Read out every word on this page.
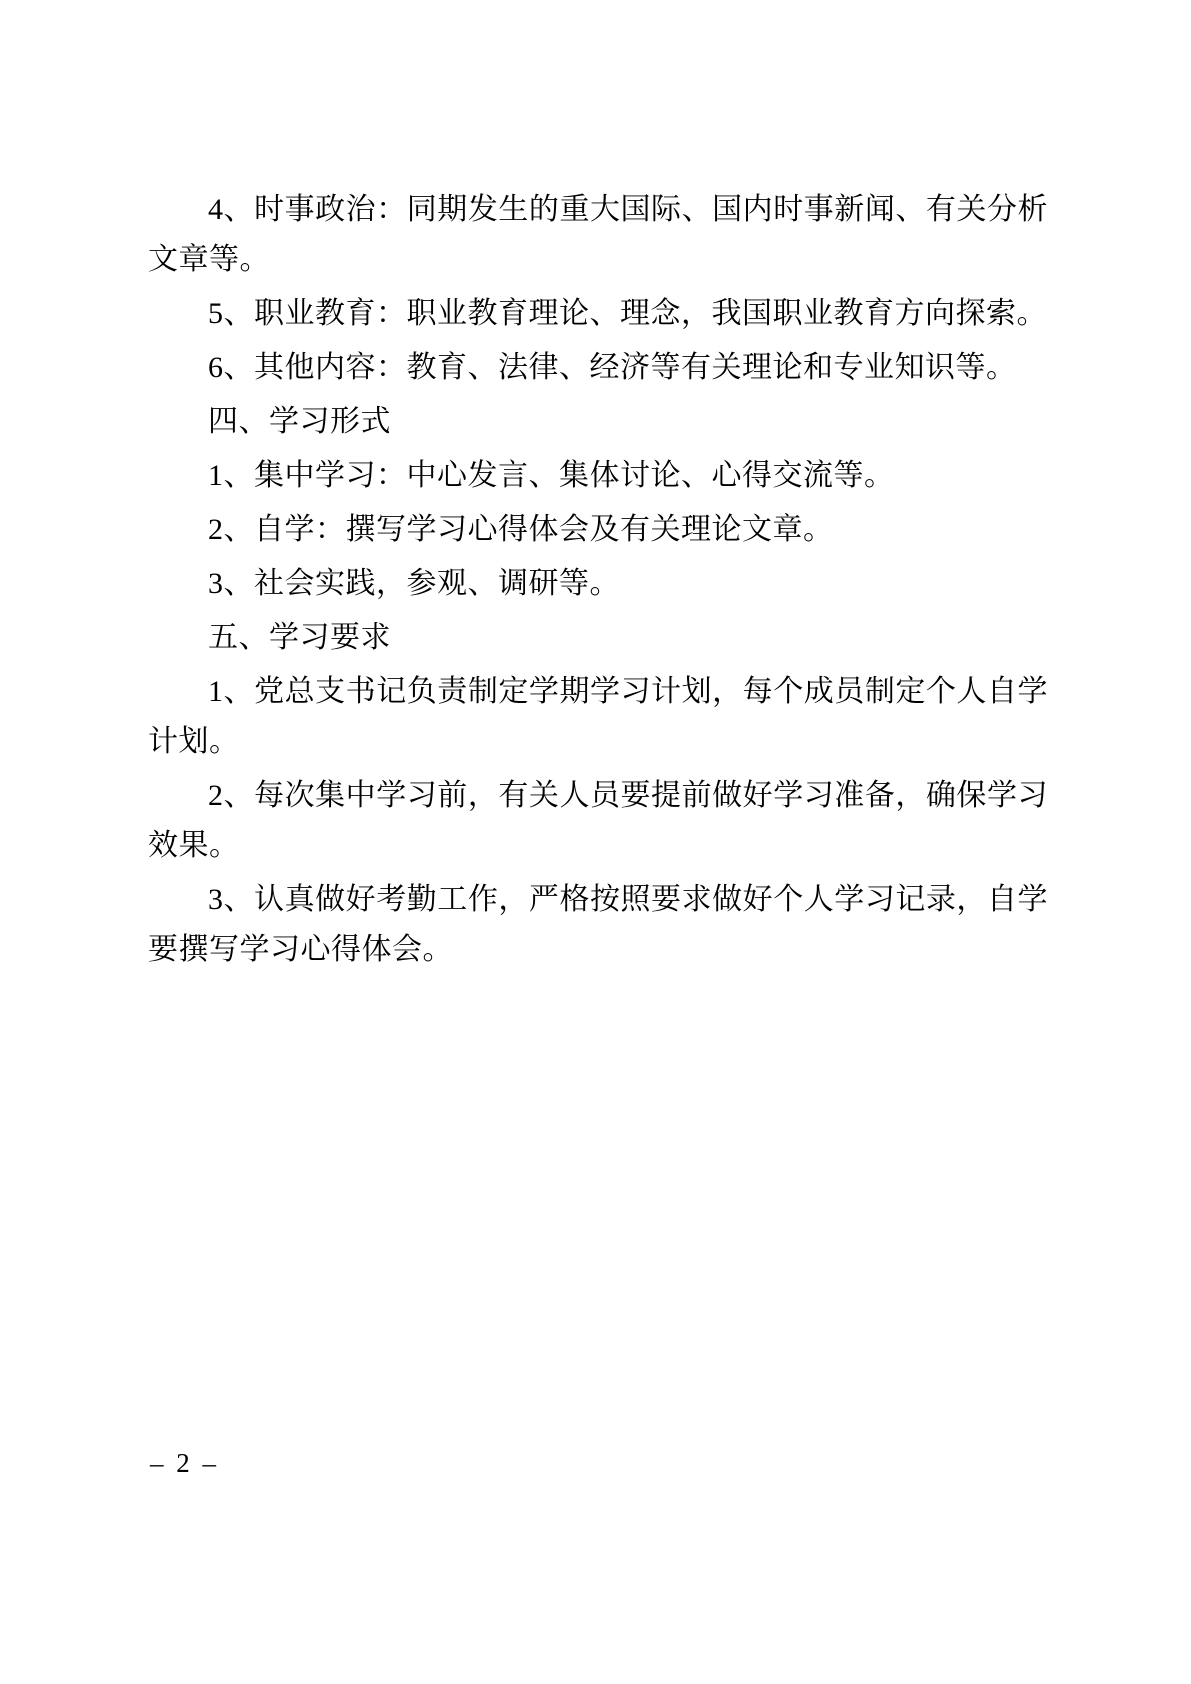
4、时事政治：同期发生的重大国际、国内时事新闻、有关分析文章等。

5、职业教育：职业教育理论、理念，我国职业教育方向探索。

6、其他内容：教育、法律、经济等有关理论和专业知识等。

四、学习形式

1、集中学习：中心发言、集体讨论、心得交流等。

2、自学：撰写学习心得体会及有关理论文章。

3、社会实践，参观、调研等。

五、学习要求

1、党总支书记负责制定学期学习计划，每个成员制定个人自学计划。

2、每次集中学习前，有关人员要提前做好学习准备，确保学习效果。

3、认真做好考勤工作，严格按照要求做好个人学习记录，自学要撰写学习心得体会。

– 2 –
